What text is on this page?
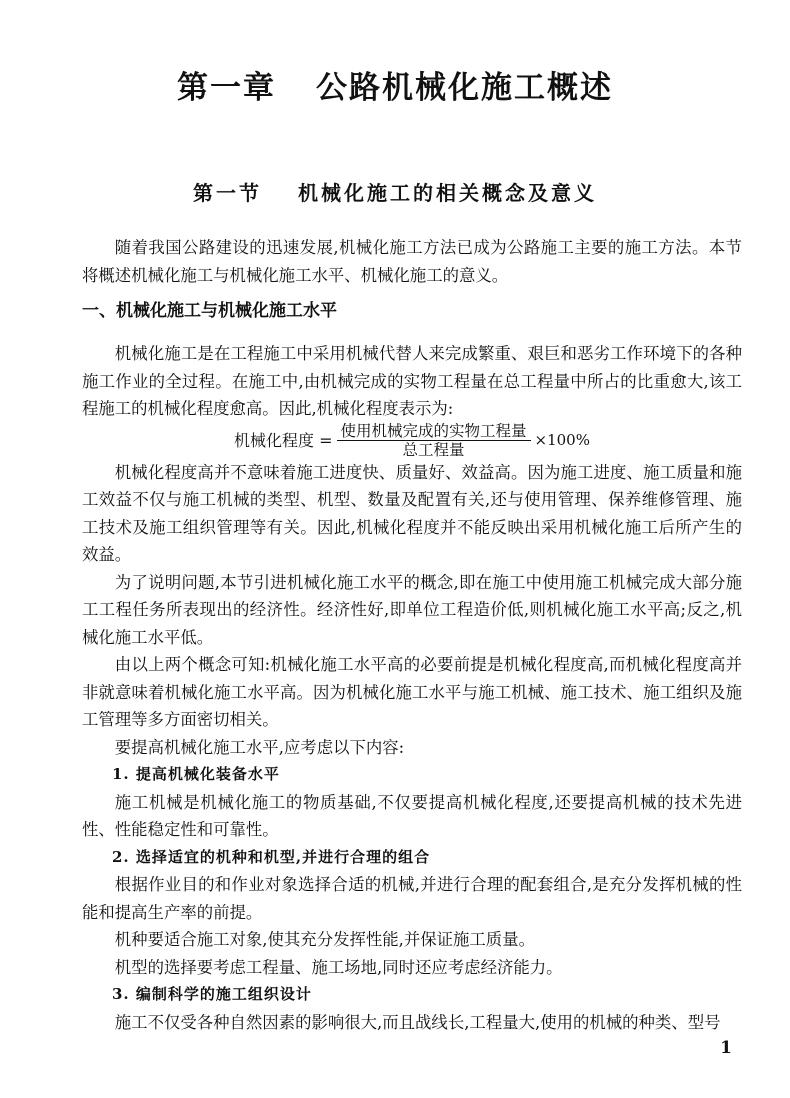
第一章 公路机械化施工概述
第一节 机械化施工的相关概念及意义

随着我国公路建设的迅速发展,机械化施工方法已成为公路施工主要的施工方法。本节将概述机械化施工与机械化施工水平、机械化施工的意义。

一、机械化施工与机械化施工水平

机械化施工是在工程施工中采用机械代替人来完成繁重、艰巨和恶劣工作环境下的各种施工作业的全过程。在施工中,由机械完成的实物工程量在总工程量中所占的比重愈大,该工程施工的机械化程度愈高。因此,机械化程度表示为:

机械化程度 = $\frac{\text{使用机械完成的实物工程量}}{\text{总工程量}} \times 100\%$

机械化程度高并不意味着施工进度快、质量好、效益高。因为施工进度、施工质量和施工效益不仅与施工机械的类型、机型、数量及配置有关,还与使用管理、保养维修管理、施工技术及施工组织管理等有关。因此,机械化程度并不能反映出采用机械化施工后所产生的效益。

为了说明问题,本节引进机械化施工水平的概念,即在施工中使用施工机械完成大部分施工工程任务所表现出的经济性。经济性好,即单位工程造价低,则机械化施工水平高;反之,机械化施工水平低。

由以上两个概念可知:机械化施工水平高的必要前提是机械化程度高,而机械化程度高并非就意味着机械化施工水平高。因为机械化施工水平与施工机械、施工技术、施工组织及施工管理等多方面密切相关。

要提高机械化施工水平,应考虑以下内容:

1. 提高机械化装备水平

施工机械是机械化施工的物质基础,不仅要提高机械化程度,还要提高机械的技术先进性、性能稳定性和可靠性。

2. 选择适宜的机种和机型,并进行合理的组合

根据作业目的和作业对象选择合适的机械,并进行合理的配套组合,是充分发挥机械的性能和提高生产率的前提。

机种要适合施工对象,使其充分发挥性能,并保证施工质量。

机型的选择要考虑工程量、施工场地,同时还应考虑经济能力。

3. 编制科学的施工组织设计

施工不仅受各种自然因素的影响很大,而且战线长,工程量大,使用的机械的种类、型号

1
